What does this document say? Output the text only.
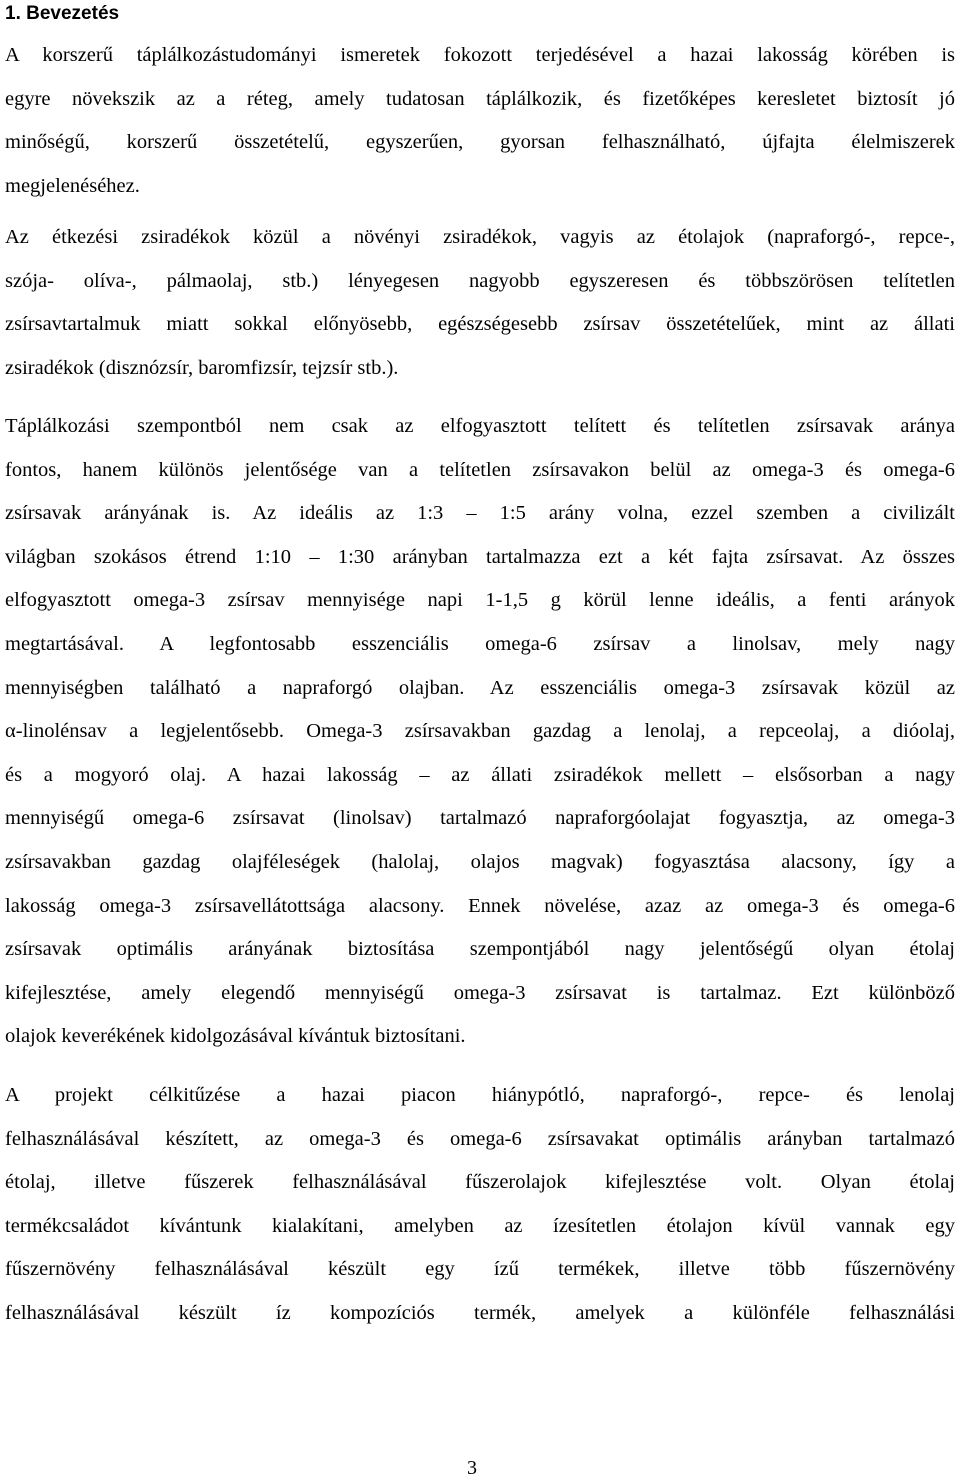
1. Bevezetés

A korszerű táplálkozástudományi ismeretek fokozott terjedésével a hazai lakosság körében is
egyre növekszik az a réteg, amely tudatosan táplálkozik, és fizetőképes keresletet biztosít jó
minőségű, korszerű összetételű, egyszerűen, gyorsan felhasználható, újfajta élelmiszerek
megjelenéséhez.

Az étkezési zsiradékok közül a növényi zsiradékok, vagyis az étolajok (napraforgó-, repce-,
szója- olíva-, pálmaolaj, stb.) lényegesen nagyobb egyszeresen és többszörösen telítetlen
zsírsavtartalmuk miatt sokkal előnyösebb, egészségesebb zsírsav összetételűek, mint az állati
zsiradékok (disznózsír, baromfizsír, tejzsír stb.).

Táplálkozási szempontból nem csak az elfogyasztott telített és telítetlen zsírsavak aránya
fontos, hanem különös jelentősége van a telítetlen zsírsavakon belül az omega-3 és omega-6
zsírsavak arányának is. Az ideális az 1:3 – 1:5 arány volna, ezzel szemben a civilizált
világban szokásos étrend 1:10 – 1:30 arányban tartalmazza ezt a két fajta zsírsavat. Az összes
elfogyasztott omega-3 zsírsav mennyisége napi 1-1,5 g körül lenne ideális, a fenti arányok
megtartásával. A legfontosabb esszenciális omega-6 zsírsav a linolsav, mely nagy
mennyiségben található a napraforgó olajban. Az esszenciális omega-3 zsírsavak közül az
α-linolénsav a legjelentősebb. Omega-3 zsírsavakban gazdag a lenolaj, a repceolaj, a dióolaj,
és a mogyoró olaj. A hazai lakosság – az állati zsiradékok mellett – elsősorban a nagy
mennyiségű omega-6 zsírsavat (linolsav) tartalmazó napraforgóolajat fogyasztja, az omega-3
zsírsavakban gazdag olajféleségek (halolaj, olajos magvak) fogyasztása alacsony, így a
lakosság omega-3 zsírsavellátottsága alacsony. Ennek növelése, azaz az omega-3 és omega-6
zsírsavak optimális arányának biztosítása szempontjából nagy jelentőségű olyan étolaj
kifejlesztése, amely elegendő mennyiségű omega-3 zsírsavat is tartalmaz. Ezt különböző
olajok keverékének kidolgozásával kívántuk biztosítani.

A projekt célkitűzése a hazai piacon hiánypótló, napraforgó-, repce- és lenolaj
felhasználásával készített, az omega-3 és omega-6 zsírsavakat optimális arányban tartalmazó
étolaj, illetve fűszerek felhasználásával fűszerolajok kifejlesztése volt. Olyan étolaj
termékcsaládot kívántunk kialakítani, amelyben az ízesítetlen étolajon kívül vannak egy
fűszernövény felhasználásával készült egy ízű termékek, illetve több fűszernövény
felhasználásával készült íz kompozíciós termék, amelyek a különféle felhasználási

3
